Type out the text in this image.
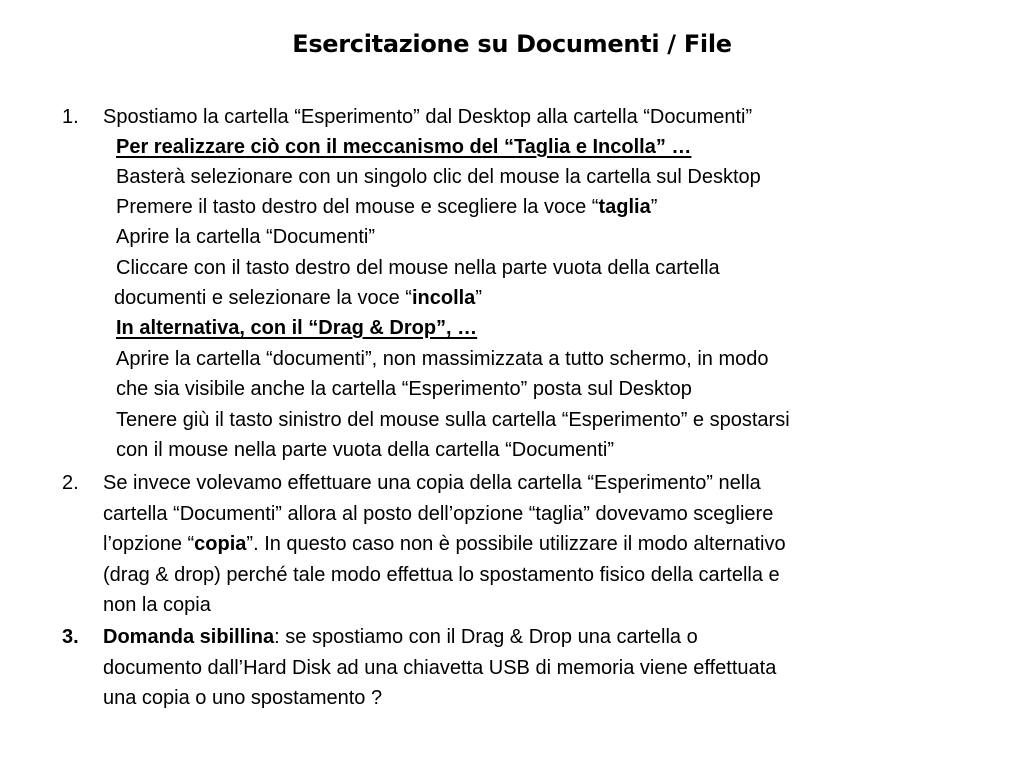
Esercitazione su Documenti / File
1. Spostiamo la cartella “Esperimento” dal Desktop alla cartella “Documenti”
Per realizzare ciò con il meccanismo del “Taglia e Incolla” …
Basterà selezionare con un singolo clic del mouse la cartella sul Desktop
Premere il tasto destro del mouse e scegliere la voce “taglia”
Aprire la cartella “Documenti”
Cliccare con il tasto destro del mouse nella parte vuota della cartella
documenti e selezionare la voce “incolla”
In alternativa, con il “Drag & Drop”, …
Aprire la cartella “documenti”, non massimizzata a tutto schermo, in modo
che sia visibile anche la cartella “Esperimento” posta sul Desktop
Tenere giù il tasto sinistro del mouse sulla cartella “Esperimento” e spostarsi
con il mouse nella parte vuota della cartella “Documenti”
2. Se invece volevamo effettuare una copia della cartella “Esperimento” nella
cartella “Documenti” allora al posto dell’opzione “taglia” dovevamo scegliere
l’opzione “copia”. In questo caso non è possibile utilizzare il modo alternativo
(drag & drop) perché tale modo effettua lo spostamento fisico della cartella e
non la copia
3. Domanda sibillina: se spostiamo con il Drag & Drop una cartella o
documento dall’Hard Disk ad una chiavetta USB di memoria viene effettuata
una copia o uno spostamento ?
